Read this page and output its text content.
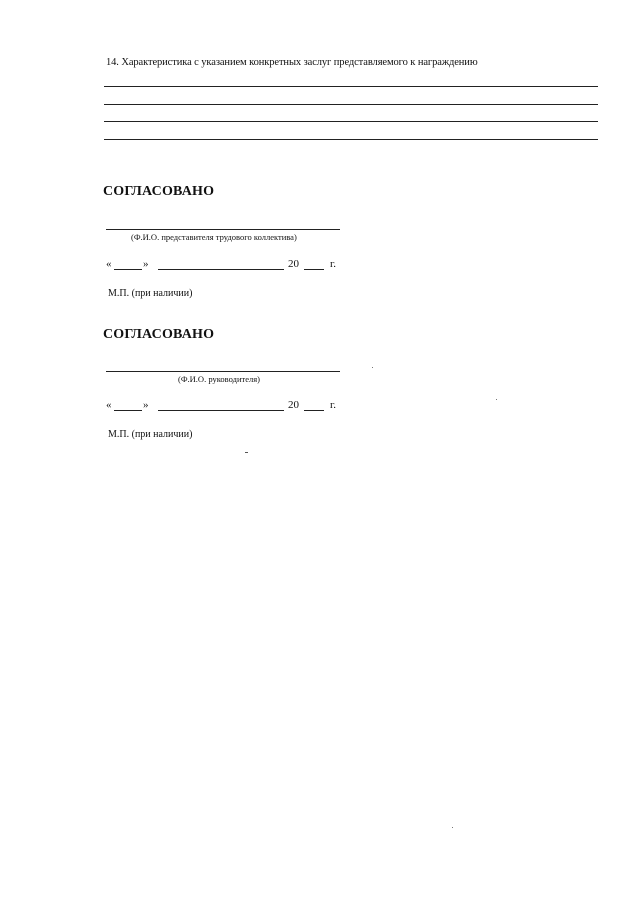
14. Характеристика с указанием конкретных заслуг представляемого к награждению
СОГЛАСОВАНО
(Ф.И.О. представителя трудового коллектива)
«	»	20	г.
М.П. (при наличии)
СОГЛАСОВАНО
(Ф.И.О. руководителя)
«	»	20	г.
М.П. (при наличии)
